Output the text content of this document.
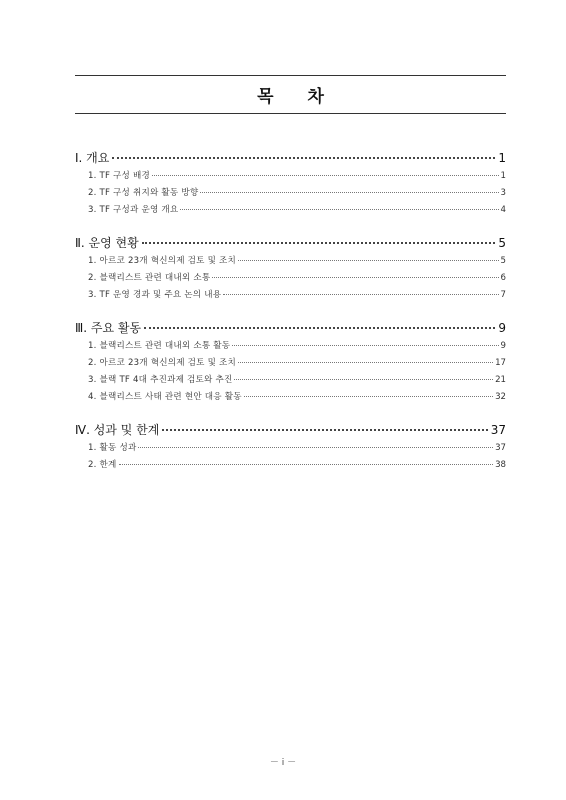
목 차
Ⅰ. 개요	1
1. TF 구성 배경	1
2. TF 구성 취지와 활동 방향	3
3. TF 구성과 운영 개요	4
Ⅱ. 운영 현황	5
1. 아르코 23개 혁신의제 검토 및 조치	5
2. 블랙리스트 관련 대내외 소통	6
3. TF 운영 경과 및 주요 논의 내용	7
Ⅲ. 주요 활동	9
1. 블랙리스트 관련 대내외 소통 활동	9
2. 아르코 23개 혁신의제 검토 및 조치	17
3. 블랙 TF 4대 추진과제 검토와 추진	21
4. 블랙리스트 사태 관련 현안 대응 활동	32
Ⅳ. 성과 및 한계	37
1. 활동 성과	37
2. 한계	38
－ i －
